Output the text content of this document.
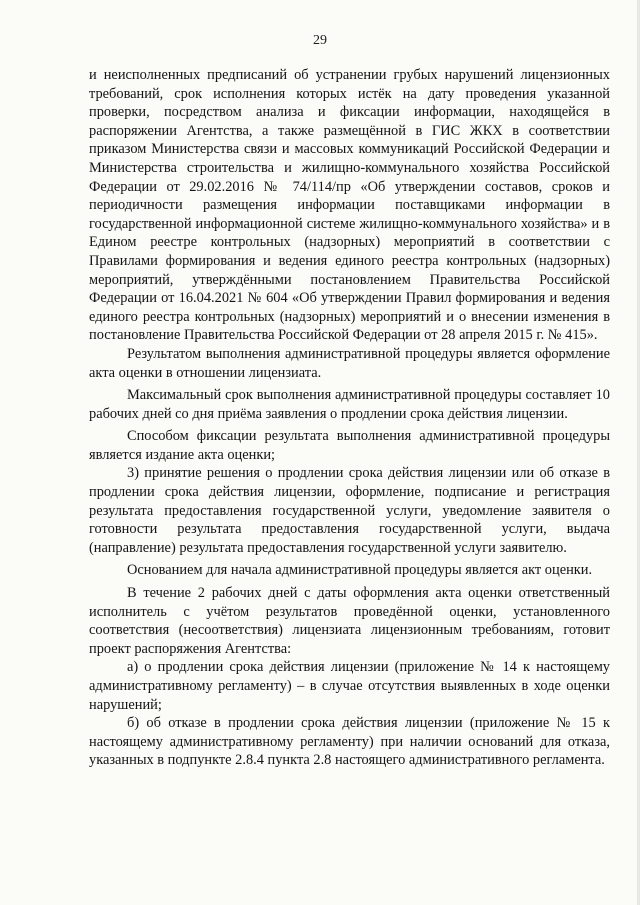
29

и неисполненных предписаний об устранении грубых нарушений лицензионных требований, срок исполнения которых истёк на дату проведения указанной проверки, посредством анализа и фиксации информации, находящейся в распоряжении Агентства, а также размещённой в ГИС ЖКХ в соответствии приказом Министерства связи и массовых коммуникаций Российской Федерации и Министерства строительства и жилищно-коммунального хозяйства Российской Федерации от 29.02.2016 № 74/114/пр «Об утверждении составов, сроков и периодичности размещения информации поставщиками информации в государственной информационной системе жилищно-коммунального хозяйства» и в Едином реестре контрольных (надзорных) мероприятий в соответствии с Правилами формирования и ведения единого реестра контрольных (надзорных) мероприятий, утверждёнными постановлением Правительства Российской Федерации от 16.04.2021 № 604 «Об утверждении Правил формирования и ведения единого реестра контрольных (надзорных) мероприятий и о внесении изменения в постановление Правительства Российской Федерации от 28 апреля 2015 г. № 415».

Результатом выполнения административной процедуры является оформление акта оценки в отношении лицензиата.

Максимальный срок выполнения административной процедуры составляет 10 рабочих дней со дня приёма заявления о продлении срока действия лицензии.

Способом фиксации результата выполнения административной процедуры является издание акта оценки;

3) принятие решения о продлении срока действия лицензии или об отказе в продлении срока действия лицензии, оформление, подписание и регистрация результата предоставления государственной услуги, уведомление заявителя о готовности результата предоставления государственной услуги, выдача (направление) результата предоставления государственной услуги заявителю.

Основанием для начала административной процедуры является акт оценки.

В течение 2 рабочих дней с даты оформления акта оценки ответственный исполнитель с учётом результатов проведённой оценки, установленного соответствия (несоответствия) лицензиата лицензионным требованиям, готовит проект распоряжения Агентства:

а) о продлении срока действия лицензии (приложение № 14 к настоящему административному регламенту) – в случае отсутствия выявленных в ходе оценки нарушений;

б) об отказе в продлении срока действия лицензии (приложение № 15 к настоящему административному регламенту) при наличии оснований для отказа, указанных в подпункте 2.8.4 пункта 2.8 настоящего административного регламента.
